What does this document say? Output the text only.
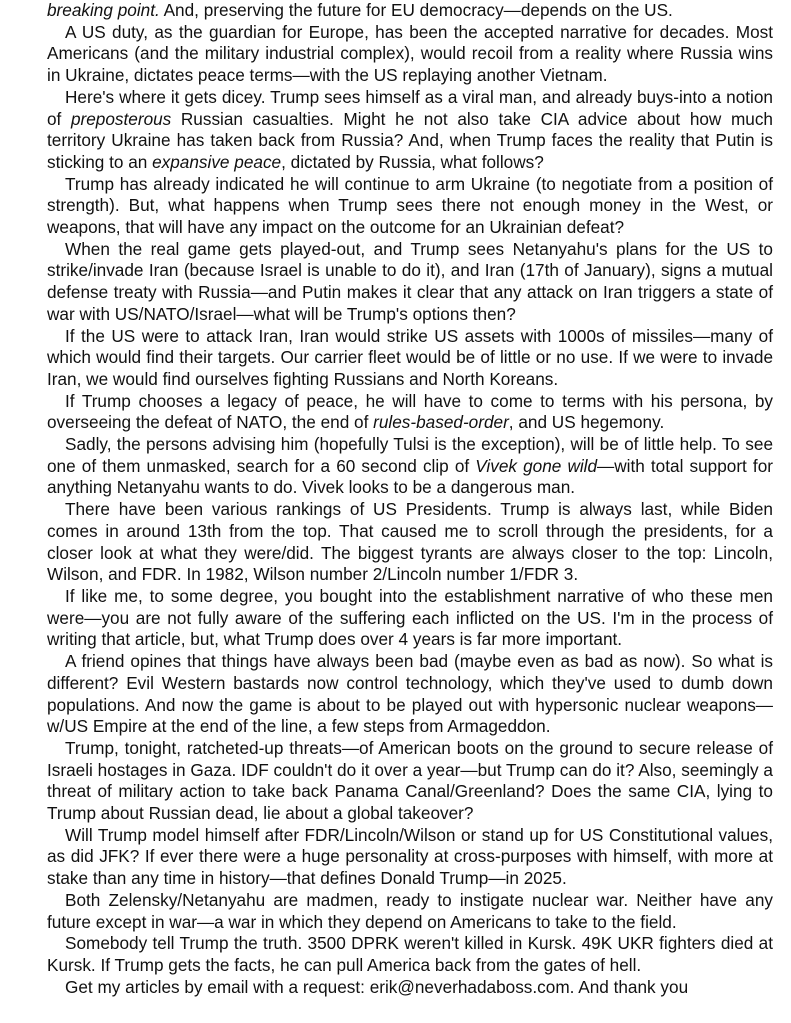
breaking point. And, preserving the future for EU democracy—depends on the US.

A US duty, as the guardian for Europe, has been the accepted narrative for decades. Most Americans (and the military industrial complex), would recoil from a reality where Russia wins in Ukraine, dictates peace terms—with the US replaying another Vietnam.

Here's where it gets dicey. Trump sees himself as a viral man, and already buys-into a notion of preposterous Russian casualties. Might he not also take CIA advice about how much territory Ukraine has taken back from Russia? And, when Trump faces the reality that Putin is sticking to an expansive peace, dictated by Russia, what follows?

Trump has already indicated he will continue to arm Ukraine (to negotiate from a position of strength). But, what happens when Trump sees there not enough money in the West, or weapons, that will have any impact on the outcome for an Ukrainian defeat?

When the real game gets played-out, and Trump sees Netanyahu's plans for the US to strike/invade Iran (because Israel is unable to do it), and Iran (17th of January), signs a mutual defense treaty with Russia—and Putin makes it clear that any attack on Iran triggers a state of war with US/NATO/Israel—what will be Trump's options then?

If the US were to attack Iran, Iran would strike US assets with 1000s of missiles—many of which would find their targets. Our carrier fleet would be of little or no use. If we were to invade Iran, we would find ourselves fighting Russians and North Koreans.

If Trump chooses a legacy of peace, he will have to come to terms with his persona, by overseeing the defeat of NATO, the end of rules-based-order, and US hegemony.

Sadly, the persons advising him (hopefully Tulsi is the exception), will be of little help. To see one of them unmasked, search for a 60 second clip of Vivek gone wild—with total support for anything Netanyahu wants to do. Vivek looks to be a dangerous man.

There have been various rankings of US Presidents. Trump is always last, while Biden comes in around 13th from the top. That caused me to scroll through the presidents, for a closer look at what they were/did. The biggest tyrants are always closer to the top: Lincoln, Wilson, and FDR. In 1982, Wilson number 2/Lincoln number 1/FDR 3.

If like me, to some degree, you bought into the establishment narrative of who these men were—you are not fully aware of the suffering each inflicted on the US. I'm in the process of writing that article, but, what Trump does over 4 years is far more important.

A friend opines that things have always been bad (maybe even as bad as now). So what is different? Evil Western bastards now control technology, which they've used to dumb down populations. And now the game is about to be played out with hypersonic nuclear weapons—w/US Empire at the end of the line, a few steps from Armageddon.

Trump, tonight, ratcheted-up threats—of American boots on the ground to secure release of Israeli hostages in Gaza. IDF couldn't do it over a year—but Trump can do it? Also, seemingly a threat of military action to take back Panama Canal/Greenland? Does the same CIA, lying to Trump about Russian dead, lie about a global takeover?

Will Trump model himself after FDR/Lincoln/Wilson or stand up for US Constitutional values, as did JFK? If ever there were a huge personality at cross-purposes with himself, with more at stake than any time in history—that defines Donald Trump—in 2025.

Both Zelensky/Netanyahu are madmen, ready to instigate nuclear war. Neither have any future except in war—a war in which they depend on Americans to take to the field.

Somebody tell Trump the truth. 3500 DPRK weren't killed in Kursk. 49K UKR fighters died at Kursk. If Trump gets the facts, he can pull America back from the gates of hell.

Get my articles by email with a request: erik@neverhadaboss.com. And thank you
